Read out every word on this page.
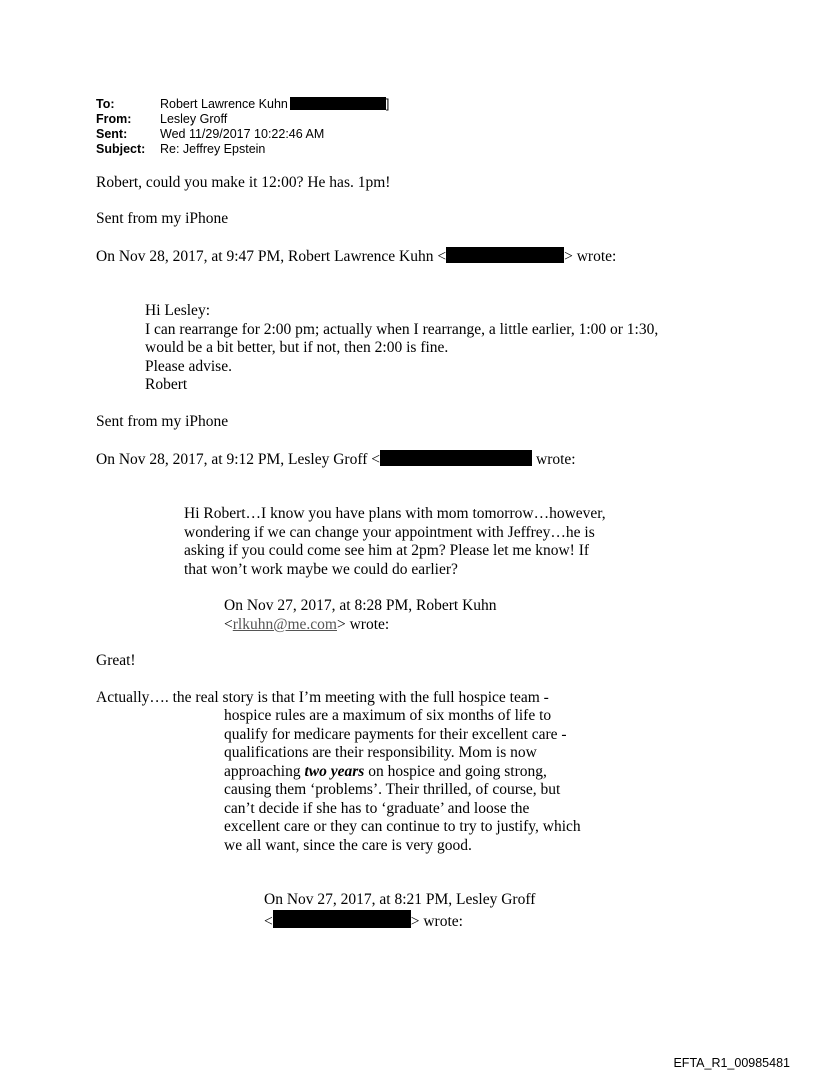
To:	Robert Lawrence Kuhn	]
From: Lesley Groff
Sent:	Wed 11/29/2017 10:22:46 AM
Subject: Re: Jeffrey Epstein
Robert, could you make it 12:00? He has. 1pm!
Sent from my iPhone
On Nov 28, 2017, at 9:47 PM, Robert Lawrence Kuhn <	> wrote:
Hi Lesley:
I can rearrange for 2:00 pm; actually when I rearrange, a little earlier, 1:00 or 1:30,
would be a bit better, but if not, then 2:00 is fine.
Please advise.
Robert
Sent from my iPhone
On Nov 28, 2017, at 9:12 PM, Lesley Groff <	wrote:
Hi Robert…I know you have plans with mom tomorrow…however,
wondering if we can change your appointment with Jeffrey…he is
asking if you could come see him at 2pm? Please let me know! If
that won’t work maybe we could do earlier?
On Nov 27, 2017, at 8:28 PM, Robert Kuhn
<rlkuhn@me.com> wrote:
Great!
Actually…. the real story is that I’m meeting with the full hospice team -
hospice rules are a maximum of six months of life to
qualify for medicare payments for their excellent care -
qualifications are their responsibility. Mom is now
approaching two years on hospice and going strong,
causing them ‘problems’. Their thrilled, of course, but
can’t decide if she has to ‘graduate’ and loose the
excellent care or they can continue to try to justify, which
we all want, since the care is very good.
On Nov 27, 2017, at 8:21 PM, Lesley Groff
<	> wrote:
EFTA_R1_00985481
